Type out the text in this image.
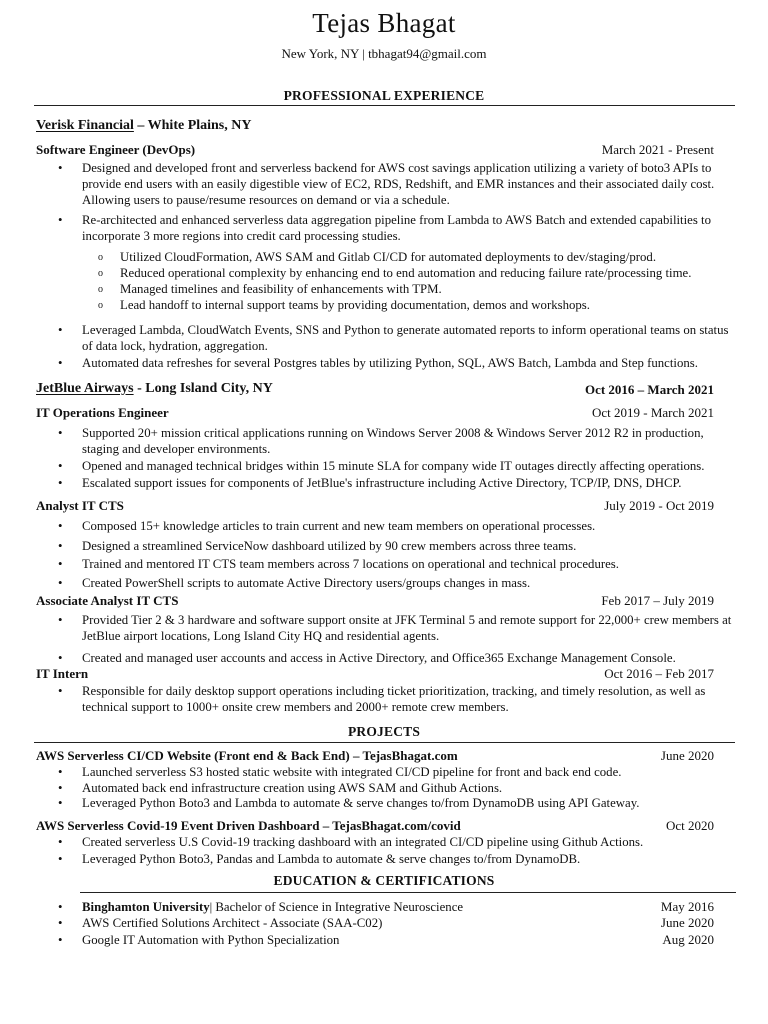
Tejas Bhagat
New York, NY | tbhagat94@gmail.com
PROFESSIONAL EXPERIENCE
Verisk Financial – White Plains, NY
Software Engineer (DevOps)	March 2021 - Present
• Designed and developed front and serverless backend for AWS cost savings application utilizing a variety of boto3 APIs to provide end users with an easily digestible view of EC2, RDS, Redshift, and EMR instances and their associated daily cost. Allowing users to pause/resume resources on demand or via a schedule.
• Re-architected and enhanced serverless data aggregation pipeline from Lambda to AWS Batch and extended capabilities to incorporate 3 more regions into credit card processing studies.
o Utilized CloudFormation, AWS SAM and Gitlab CI/CD for automated deployments to dev/staging/prod.
o Reduced operational complexity by enhancing end to end automation and reducing failure rate/processing time.
o Managed timelines and feasibility of enhancements with TPM.
o Lead handoff to internal support teams by providing documentation, demos and workshops.
• Leveraged Lambda, CloudWatch Events, SNS and Python to generate automated reports to inform operational teams on status of data lock, hydration, aggregation.
• Automated data refreshes for several Postgres tables by utilizing Python, SQL, AWS Batch, Lambda and Step functions.
JetBlue Airways - Long Island City, NY	Oct 2016 – March 2021
IT Operations Engineer	Oct 2019 - March 2021
• Supported 20+ mission critical applications running on Windows Server 2008 & Windows Server 2012 R2 in production, staging and developer environments.
• Opened and managed technical bridges within 15 minute SLA for company wide IT outages directly affecting operations.
• Escalated support issues for components of JetBlue's infrastructure including Active Directory, TCP/IP, DNS, DHCP.
Analyst IT CTS	July 2019 - Oct 2019
• Composed 15+ knowledge articles to train current and new team members on operational processes.
• Designed a streamlined ServiceNow dashboard utilized by 90 crew members across three teams.
• Trained and mentored IT CTS team members across 7 locations on operational and technical procedures.
• Created PowerShell scripts to automate Active Directory users/groups changes in mass.
Associate Analyst IT CTS	Feb 2017 – July 2019
• Provided Tier 2 & 3 hardware and software support onsite at JFK Terminal 5 and remote support for 22,000+ crew members at JetBlue airport locations, Long Island City HQ and residential agents.
• Created and managed user accounts and access in Active Directory, and Office365 Exchange Management Console.
IT Intern	Oct 2016 – Feb 2017
• Responsible for daily desktop support operations including ticket prioritization, tracking, and timely resolution, as well as technical support to 1000+ onsite crew members and 2000+ remote crew members.
PROJECTS
AWS Serverless CI/CD Website (Front end & Back End) – TejasBhagat.com	June 2020
• Launched serverless S3 hosted static website with integrated CI/CD pipeline for front and back end code.
• Automated back end infrastructure creation using AWS SAM and Github Actions.
• Leveraged Python Boto3 and Lambda to automate & serve changes to/from DynamoDB using API Gateway.
AWS Serverless Covid-19 Event Driven Dashboard – TejasBhagat.com/covid	Oct 2020
• Created serverless U.S Covid-19 tracking dashboard with an integrated CI/CD pipeline using Github Actions.
• Leveraged Python Boto3, Pandas and Lambda to automate & serve changes to/from DynamoDB.
EDUCATION & CERTIFICATIONS
• Binghamton University| Bachelor of Science in Integrative Neuroscience	May 2016
• AWS Certified Solutions Architect - Associate (SAA-C02)	June 2020
• Google IT Automation with Python Specialization	Aug 2020
